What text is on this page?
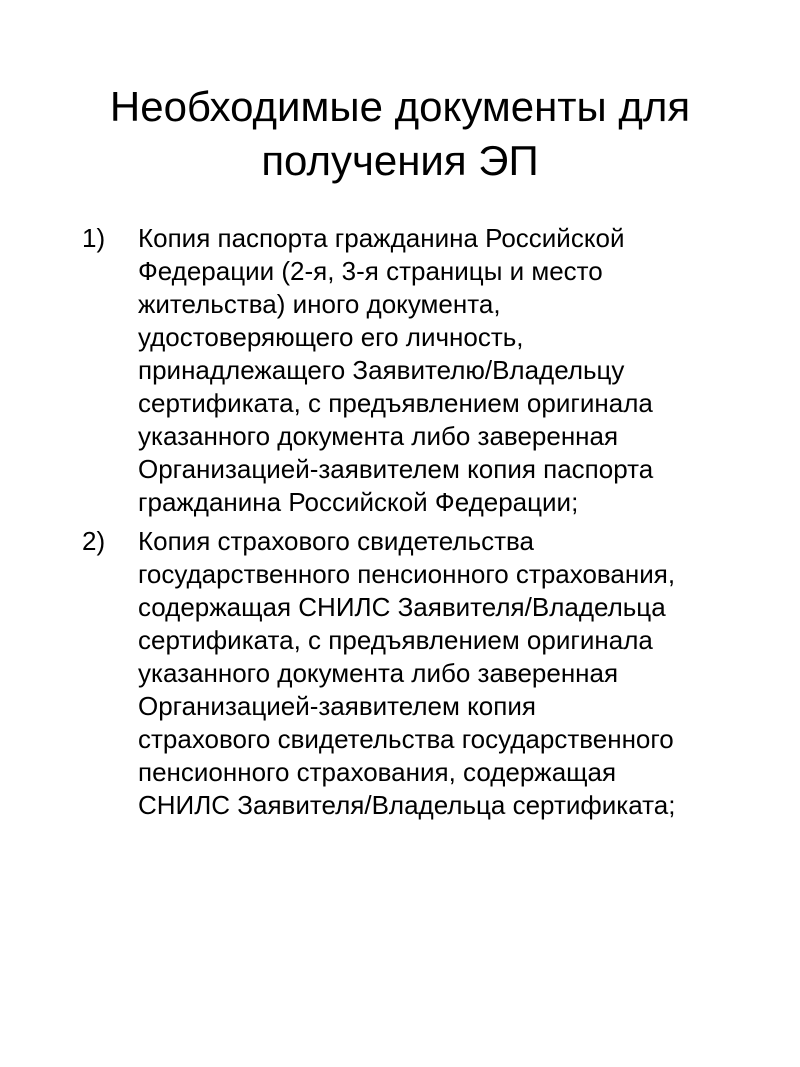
Необходимые документы для
получения ЭП
1) Копия паспорта гражданина Российской
Федерации (2-я, 3-я страницы и место
жительства) иного документа,
удостоверяющего его личность,
принадлежащего Заявителю/Владельцу
сертификата, с предъявлением оригинала
указанного документа либо заверенная
Организацией-заявителем копия паспорта
гражданина Российской Федерации;
2) Копия страхового свидетельства
государственного пенсионного страхования,
содержащая СНИЛС Заявителя/Владельца
сертификата, с предъявлением оригинала
указанного документа либо заверенная
Организацией-заявителем копия
страхового свидетельства государственного
пенсионного страхования, содержащая
СНИЛС Заявителя/Владельца сертификата;
